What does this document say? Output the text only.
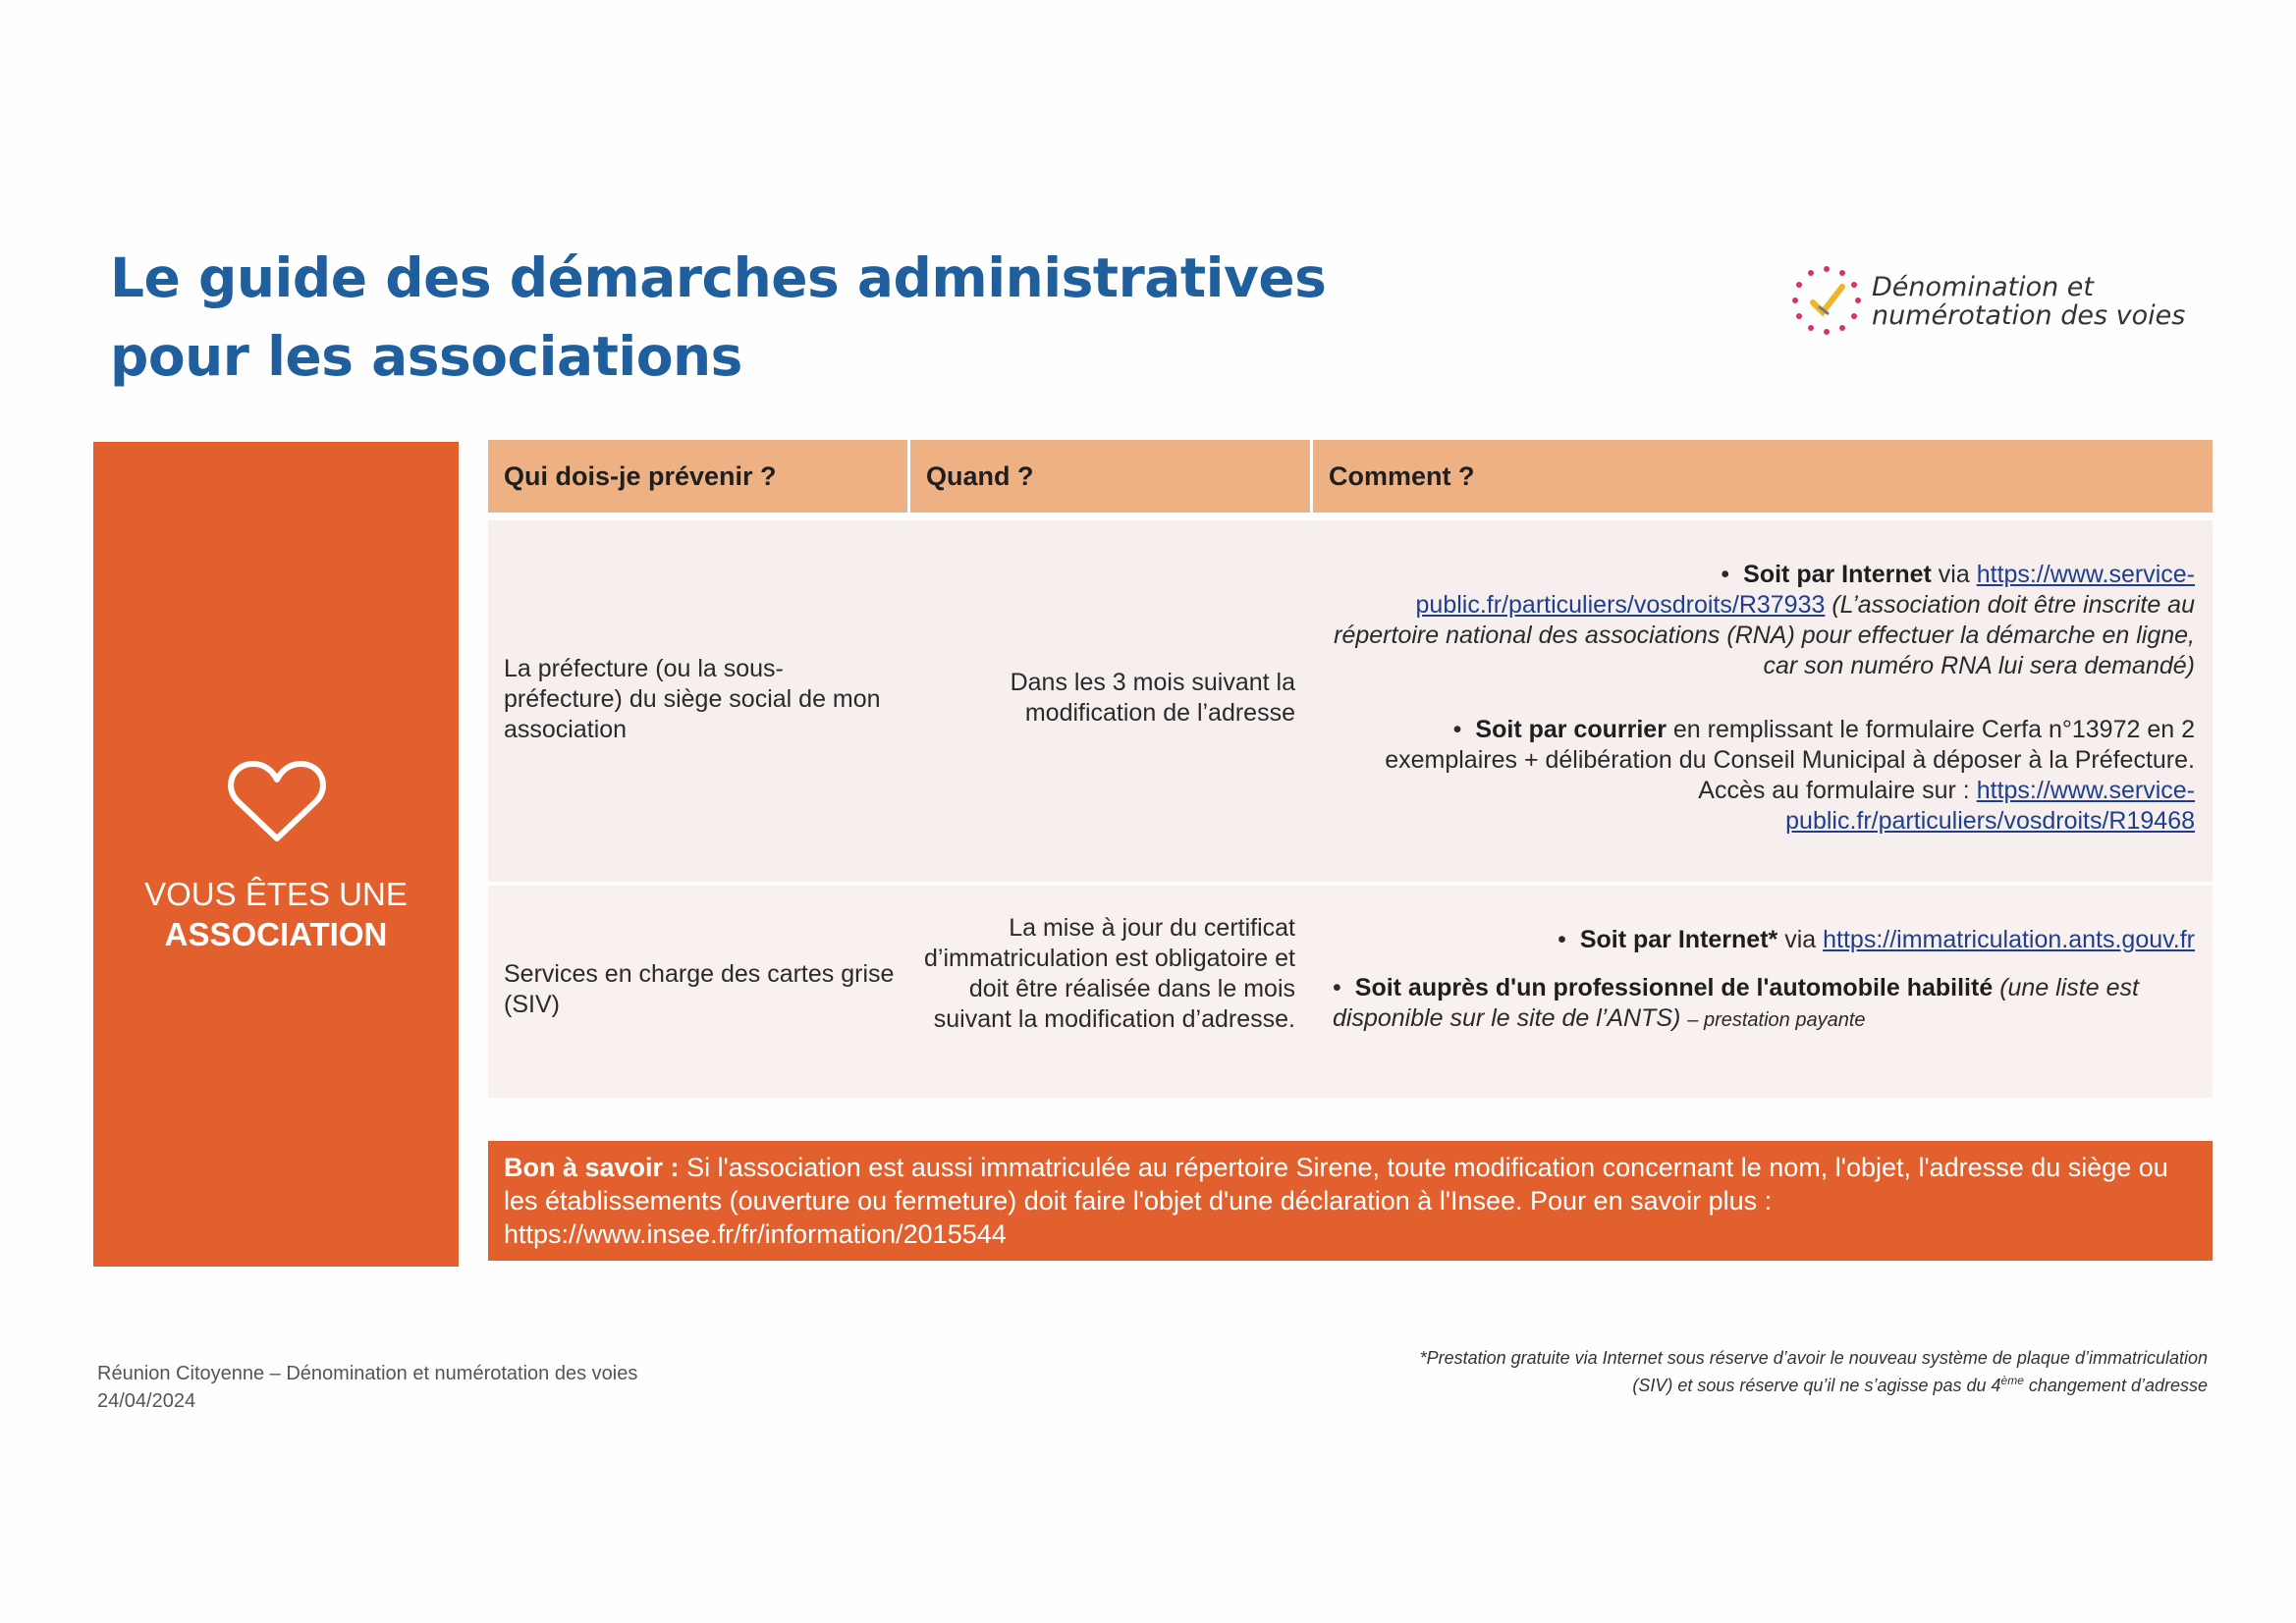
Le guide des démarches administratives
pour les associations
Dénomination et
numérotation des voies
VOUS ÊTES UNE
ASSOCIATION
Qui dois-je prévenir ?	Quand ?	Comment ?
La préfecture (ou la sous-préfecture) du siège social de mon association
Dans les 3 mois suivant la modification de l’adresse

• Soit par Internet via https://www.service-public.fr/particuliers/vosdroits/R37933 (L’association doit être inscrite au répertoire national des associations (RNA) pour effectuer la démarche en ligne, car son numéro RNA lui sera demandé)

• Soit par courrier en remplissant le formulaire Cerfa n°13972 en 2 exemplaires + délibération du Conseil Municipal à déposer à la Préfecture. Accès au formulaire sur : https://www.service-public.fr/particuliers/vosdroits/R19468

Services en charge des cartes grise (SIV)
La mise à jour du certificat d’immatriculation est obligatoire et doit être réalisée dans le mois suivant la modification d’adresse.

• Soit par Internet* via https://immatriculation.ants.gouv.fr

• Soit auprès d'un professionnel de l'automobile habilité (une liste est disponible sur le site de l’ANTS) – prestation payante

Bon à savoir : Si l'association est aussi immatriculée au répertoire Sirene, toute modification concernant le nom, l'objet, l'adresse du siège ou les établissements (ouverture ou fermeture) doit faire l'objet d'une déclaration à l'Insee. Pour en savoir plus : https://www.insee.fr/fr/information/2015544
Réunion Citoyenne – Dénomination et numérotation des voies
24/04/2024
*Prestation gratuite via Internet sous réserve d’avoir le nouveau système de plaque d’immatriculation
(SIV) et sous réserve qu’il ne s’agisse pas du 4ème changement d’adresse
